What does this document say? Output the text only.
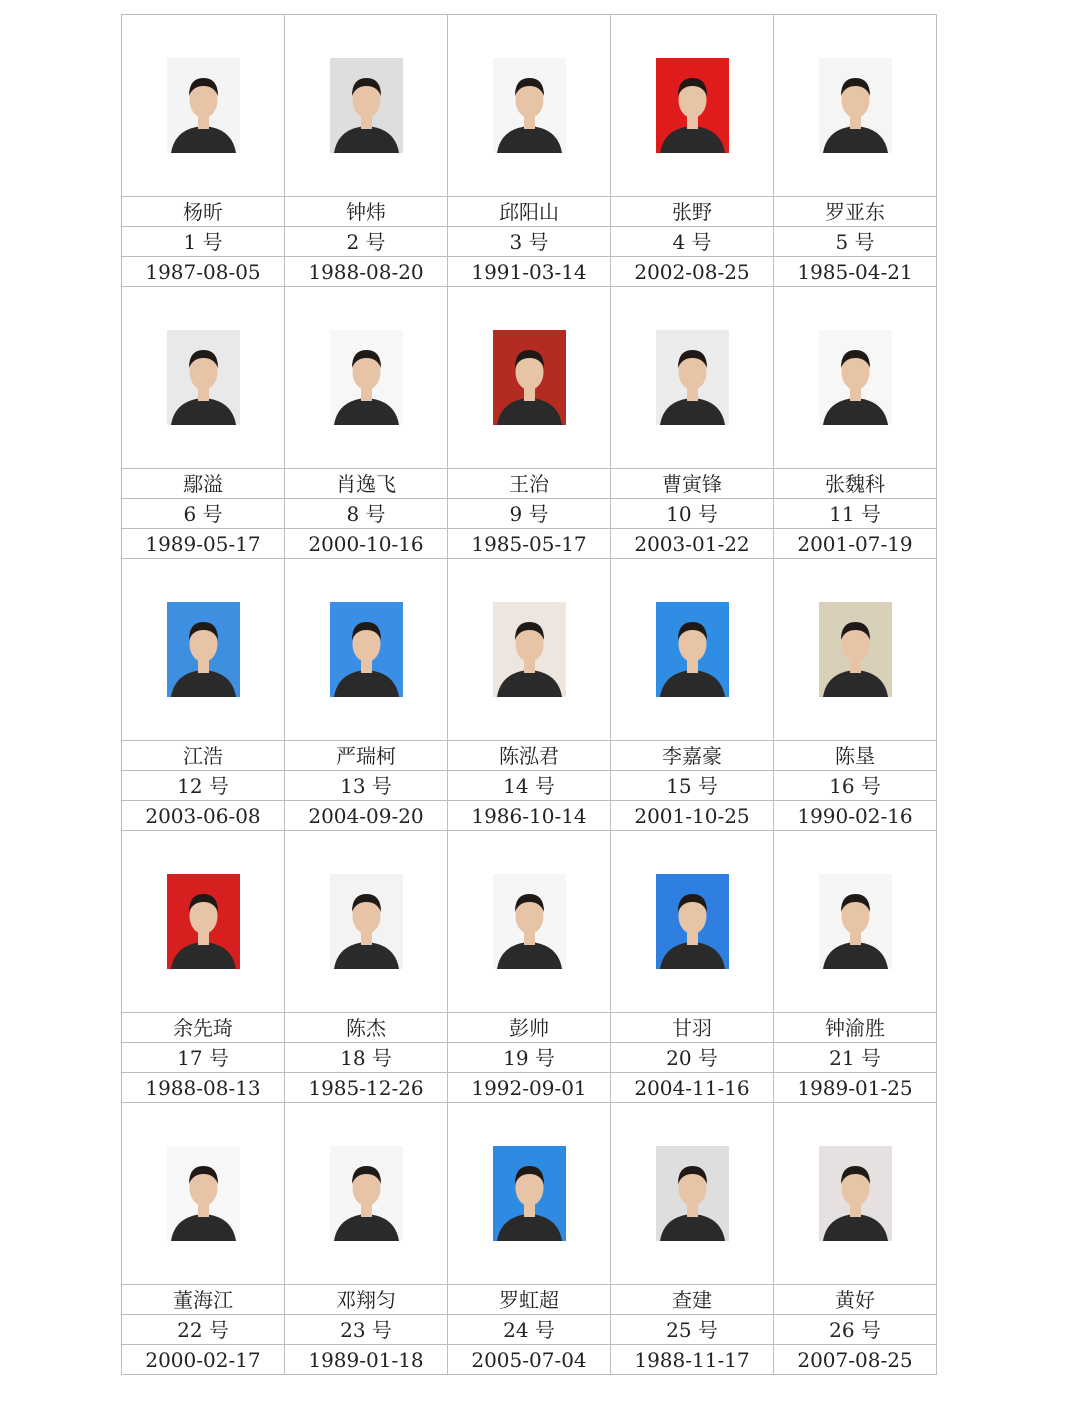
杨昕	钟炜	邱阳山	张野	罗亚东
1 号	2 号	3 号	4 号	5 号
1987-08-05	1988-08-20	1991-03-14	2002-08-25	1985-04-21
鄢溢	肖逸飞	王治	曹寅锋	张魏科
6 号	8 号	9 号	10 号	11 号
1989-05-17	2000-10-16	1985-05-17	2003-01-22	2001-07-19
江浩	严瑞柯	陈泓君	李嘉豪	陈垦
12 号	13 号	14 号	15 号	16 号
2003-06-08	2004-09-20	1986-10-14	2001-10-25	1990-02-16
余先琦	陈杰	彭帅	甘羽	钟渝胜
17 号	18 号	19 号	20 号	21 号
1988-08-13	1985-12-26	1992-09-01	2004-11-16	1989-01-25
董海江	邓翔匀	罗虹超	查建	黄好
22 号	23 号	24 号	25 号	26 号
2000-02-17	1989-01-18	2005-07-04	1988-11-17	2007-08-25
